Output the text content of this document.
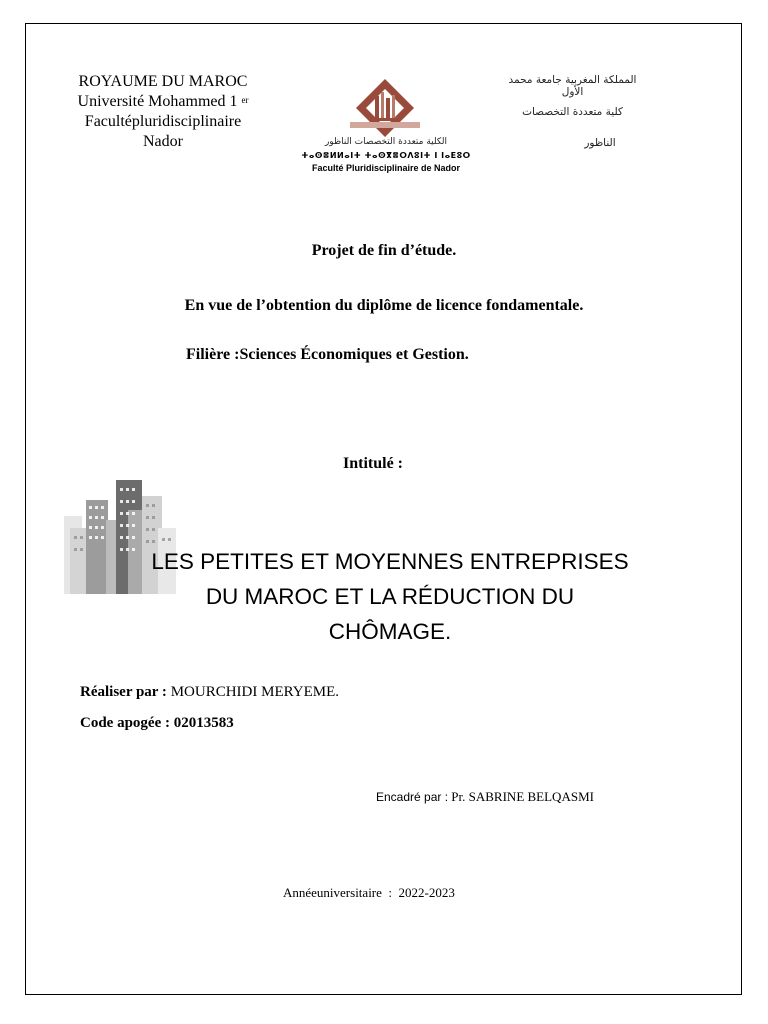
ROYAUME DU MAROC
Université Mohammed 1 $^{er}$
Facultépluridisciplinaire
Nador
المملكة المغربية جامعة محمد الأول
كلية متعددة التخصصات
الناظور
الكلية متعددة التخصصات الناظور
ⵜⴰⵙⴻⵍⵍⴰⵏⵜ ⵜⴰⵙⴳⴻⵔⴷⵓⵏⵜ ⵏ ⵏⴰⴹⵓⵔ
Faculté Pluridisciplinaire de Nador
Projet de fin d’étude.
En vue de l’obtention du diplôme de licence fondamentale.
Filière :Sciences Économiques et Gestion.
Intitulé :
LES PETITES ET MOYENNES ENTREPRISES
DU MAROC ET LA RÉDUCTION DU
CHÔMAGE.
Réaliser par : MOURCHIDI MERYEME.
Code apogée : 02013583
Encadré par : Pr. SABRINE BELQASMI
Annéeuniversitaire  :  2022-2023
